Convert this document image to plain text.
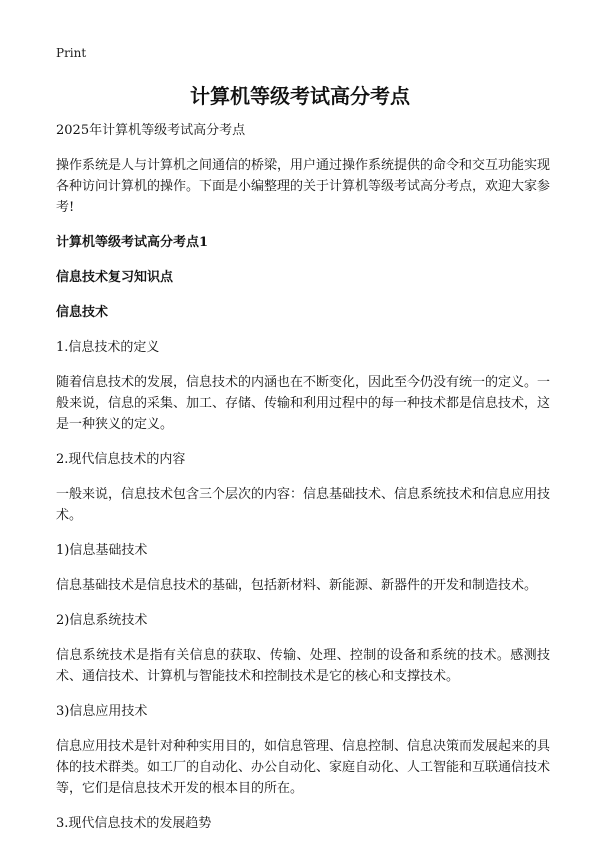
Print
计算机等级考试高分考点

2025年计算机等级考试高分考点

操作系统是人与计算机之间通信的桥梁，用户通过操作系统提供的命令和交互功能实现各种访问计算机的操作。下面是小编整理的关于计算机等级考试高分考点，欢迎大家参考!

计算机等级考试高分考点1

信息技术复习知识点

信息技术

1.信息技术的定义

随着信息技术的发展，信息技术的内涵也在不断变化，因此至今仍没有统一的定义。一般来说，信息的采集、加工、存储、传输和利用过程中的每一种技术都是信息技术，这是一种狭义的定义。

2.现代信息技术的内容

一般来说，信息技术包含三个层次的内容：信息基础技术、信息系统技术和信息应用技术。

1)信息基础技术

信息基础技术是信息技术的基础，包括新材料、新能源、新器件的开发和制造技术。

2)信息系统技术

信息系统技术是指有关信息的获取、传输、处理、控制的设备和系统的技术。感测技术、通信技术、计算机与智能技术和控制技术是它的核心和支撑技术。

3)信息应用技术

信息应用技术是针对种种实用目的，如信息管理、信息控制、信息决策而发展起来的具体的技术群类。如工厂的自动化、办公自动化、家庭自动化、人工智能和互联通信技术等，它们是信息技术开发的根本目的所在。

3.现代信息技术的发展趋势
